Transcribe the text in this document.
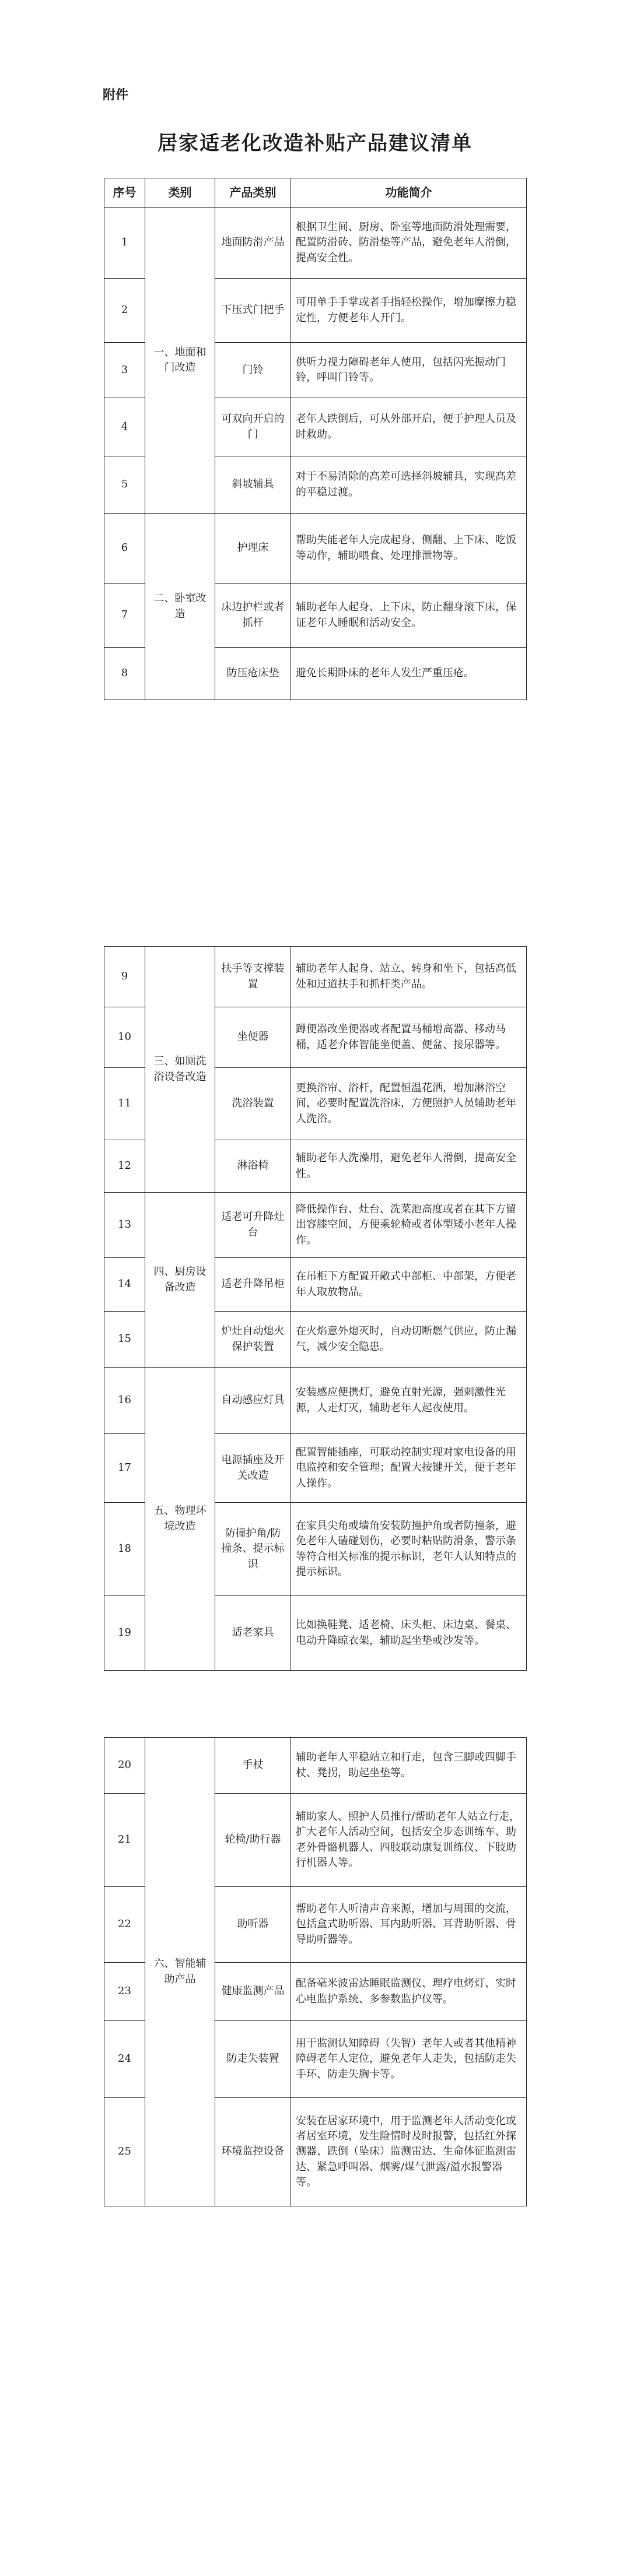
附件
居家适老化改造补贴产品建议清单
序号	类别	产品类别	功能简介
1	一、地面和门改造	地面防滑产品	根据卫生间、厨房、卧室等地面防滑处理需要，配置防滑砖、防滑垫等产品，避免老年人滑倒，提高安全性。
2		下压式门把手	可用单手手掌或者手指轻松操作，增加摩擦力稳定性，方便老年人开门。
3		门铃	供听力视力障碍老年人使用，包括闪光振动门铃，呼叫门铃等。
4		可双向开启的门	老年人跌倒后，可从外部开启，便于护理人员及时救助。
5		斜坡辅具	对于不易消除的高差可选择斜坡辅具，实现高差的平稳过渡。
6	二、卧室改造	护理床	帮助失能老年人完成起身、侧翻、上下床、吃饭等动作，辅助喂食、处理排泄物等。
7		床边护栏或者抓杆	辅助老年人起身、上下床，防止翻身滚下床，保证老年人睡眠和活动安全。
8		防压疮床垫	避免长期卧床的老年人发生严重压疮。
9	三、如厕洗浴设备改造	扶手等支撑装置	辅助老年人起身、站立、转身和坐下，包括高低处和过道扶手和抓杆类产品。
10		坐便器	蹲便器改坐便器或者配置马桶增高器、移动马桶，适老介体智能坐便盖、便盆、接尿器等。
11		洗浴装置	更换浴帘、浴杆，配置恒温花洒，增加淋浴空间，必要时配置洗浴床，方便照护人员辅助老年人洗浴。
12		淋浴椅	辅助老年人洗澡用，避免老年人滑倒，提高安全性。
13	四、厨房设备改造	适老可升降灶台	降低操作台、灶台、洗菜池高度或者在其下方留出容膝空间，方便乘轮椅或者体型矮小老年人操作。
14		适老升降吊柜	在吊柜下方配置开敞式中部柜、中部架，方便老年人取放物品。
15		炉灶自动熄火保护装置	在火焰意外熄灭时，自动切断燃气供应，防止漏气，减少安全隐患。
16	五、物理环境改造	自动感应灯具	安装感应便携灯，避免直射光源，强刺激性光源，人走灯灭，辅助老年人起夜使用。
17		电源插座及开关改造	配置智能插座，可联动控制实现对家电设备的用电监控和安全管理；配置大按键开关，便于老年人操作。
18		防撞护角/防撞条、提示标识	在家具尖角或墙角安装防撞护角或者防撞条，避免老年人磕碰划伤，必要时粘贴防滑条，警示条等符合相关标准的提示标识，老年人认知特点的提示标识。
19		适老家具	比如换鞋凳、适老椅、床头柜、床边桌、餐桌、电动升降晾衣架，辅助起坐垫或沙发等。
20	六、智能辅助产品	手杖	辅助老年人平稳站立和行走，包含三脚或四脚手杖、凳拐，助起坐垫等。
21		轮椅/助行器	辅助家人、照护人员推行/帮助老年人站立行走，扩大老年人活动空间，包括安全步态训练车、助老外骨骼机器人、四肢联动康复训练仪、下肢助行机器人等。
22		助听器	帮助老年人听清声音来源，增加与周围的交流，包括盒式助听器、耳内助听器、耳背助听器、骨导助听器等。
23		健康监测产品	配备毫米波雷达睡眠监测仪、理疗电烤灯、实时心电监护系统、多参数监护仪等。
24		防走失装置	用于监测认知障碍（失智）老年人或者其他精神障碍老年人定位，避免老年人走失，包括防走失手环、防走失胸卡等。
25		环境监控设备	安装在居家环境中，用于监测老年人活动变化或者居室环境，发生险情时及时报警，包括红外探测器、跌倒（坠床）监测雷达、生命体征监测雷达、紧急呼叫器、烟雾/煤气泄露/溢水报警器等。
